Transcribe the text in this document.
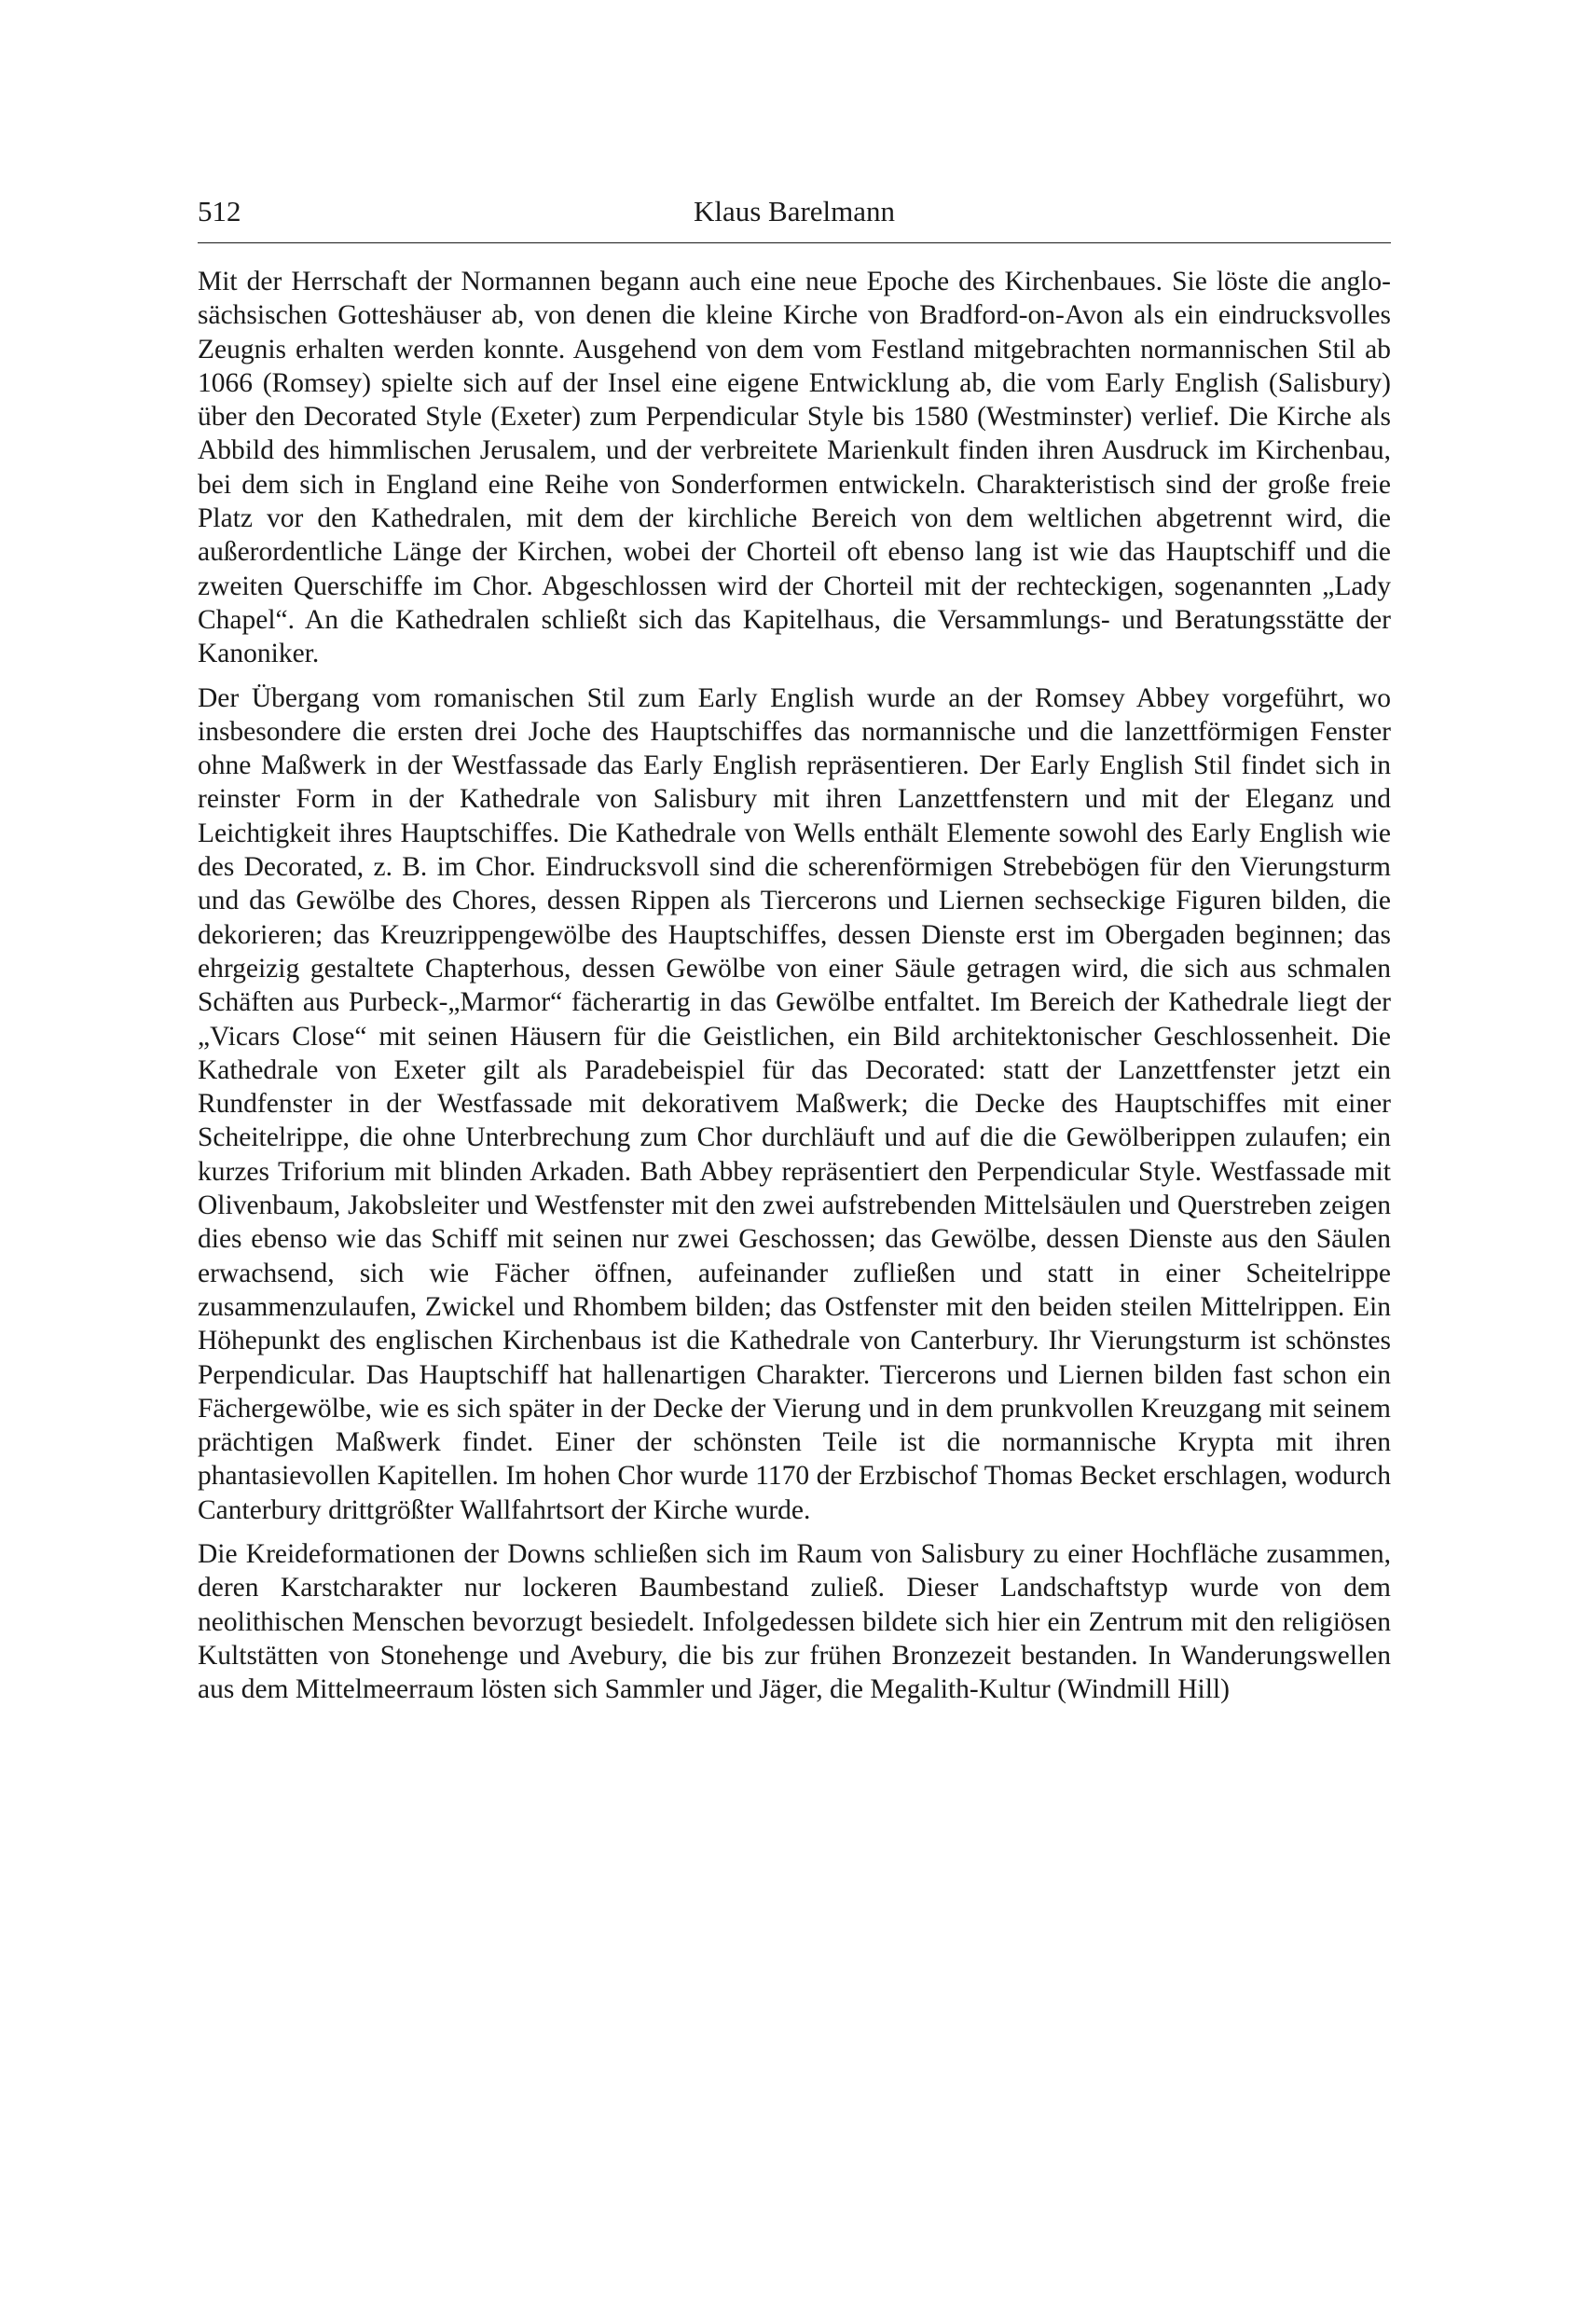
512	Klaus Barelmann

Mit der Herrschaft der Normannen begann auch eine neue Epoche des Kirchenbaues. Sie löste die anglo-sächsischen Gotteshäuser ab, von denen die kleine Kirche von Bradford-on-Avon als ein eindrucksvolles Zeugnis erhalten werden konnte. Ausgehend von dem vom Festland mitgebrachten normannischen Stil ab 1066 (Romsey) spielte sich auf der Insel eine eigene Entwicklung ab, die vom Early English (Salisbury) über den Decorated Style (Exeter) zum Perpendicular Style bis 1580 (Westminster) verlief. Die Kirche als Abbild des himmlischen Jerusalem, und der verbreitete Marienkult finden ihren Ausdruck im Kirchenbau, bei dem sich in England eine Reihe von Sonderformen entwickeln. Charakteristisch sind der große freie Platz vor den Kathedralen, mit dem der kirchliche Bereich von dem weltlichen abgetrennt wird, die außerordentliche Länge der Kirchen, wobei der Chorteil oft ebenso lang ist wie das Hauptschiff und die zweiten Querschiffe im Chor. Abgeschlossen wird der Chorteil mit der rechteckigen, sogenannten „Lady Chapel“. An die Kathedralen schließt sich das Kapitelhaus, die Versammlungs- und Beratungsstätte der Kanoniker.

Der Übergang vom romanischen Stil zum Early English wurde an der Romsey Abbey vorgeführt, wo insbesondere die ersten drei Joche des Hauptschiffes das normannische und die lanzettförmigen Fenster ohne Maßwerk in der Westfassade das Early English repräsentieren. Der Early English Stil findet sich in reinster Form in der Kathedrale von Salisbury mit ihren Lanzettfenstern und mit der Eleganz und Leichtigkeit ihres Hauptschiffes. Die Kathedrale von Wells enthält Elemente sowohl des Early English wie des Decorated, z. B. im Chor. Eindrucksvoll sind die scherenförmigen Strebebögen für den Vierungsturm und das Gewölbe des Chores, dessen Rippen als Tiercerons und Liernen sechseckige Figuren bilden, die dekorieren; das Kreuzrippengewölbe des Hauptschiffes, dessen Dienste erst im Obergaden beginnen; das ehrgeizig gestaltete Chapterhous, dessen Gewölbe von einer Säule getragen wird, die sich aus schmalen Schäften aus Purbeck-„Marmor“ fächerartig in das Gewölbe entfaltet. Im Bereich der Kathedrale liegt der „Vicars Close“ mit seinen Häusern für die Geistlichen, ein Bild architektonischer Geschlossenheit. Die Kathedrale von Exeter gilt als Paradebeispiel für das Decorated: statt der Lanzettfenster jetzt ein Rundfenster in der Westfassade mit dekorativem Maßwerk; die Decke des Hauptschiffes mit einer Scheitelrippe, die ohne Unterbrechung zum Chor durchläuft und auf die die Gewölberippen zulaufen; ein kurzes Triforium mit blinden Arkaden. Bath Abbey repräsentiert den Perpendicular Style. Westfassade mit Olivenbaum, Jakobsleiter und Westfenster mit den zwei aufstrebenden Mittelsäulen und Querstreben zeigen dies ebenso wie das Schiff mit seinen nur zwei Geschossen; das Gewölbe, dessen Dienste aus den Säulen erwachsend, sich wie Fächer öffnen, aufeinander zufließen und statt in einer Scheitelrippe zusammenzulaufen, Zwickel und Rhombem bilden; das Ostfenster mit den beiden steilen Mittelrippen. Ein Höhepunkt des englischen Kirchenbaus ist die Kathedrale von Canterbury. Ihr Vierungsturm ist schönstes Perpendicular. Das Hauptschiff hat hallenartigen Charakter. Tiercerons und Liernen bilden fast schon ein Fächergewölbe, wie es sich später in der Decke der Vierung und in dem prunkvollen Kreuzgang mit seinem prächtigen Maßwerk findet. Einer der schönsten Teile ist die normannische Krypta mit ihren phantasievollen Kapitellen. Im hohen Chor wurde 1170 der Erzbischof Thomas Becket erschlagen, wodurch Canterbury drittgrößter Wallfahrtsort der Kirche wurde.

Die Kreideformationen der Downs schließen sich im Raum von Salisbury zu einer Hochfläche zusammen, deren Karstcharakter nur lockeren Baumbestand zuließ. Dieser Landschaftstyp wurde von dem neolithischen Menschen bevorzugt besiedelt. Infolgedessen bildete sich hier ein Zentrum mit den religiösen Kultstätten von Stonehenge und Avebury, die bis zur frühen Bronzezeit bestanden. In Wanderungswellen aus dem Mittelmeerraum lösten sich Sammler und Jäger, die Megalith-Kultur (Windmill Hill)
